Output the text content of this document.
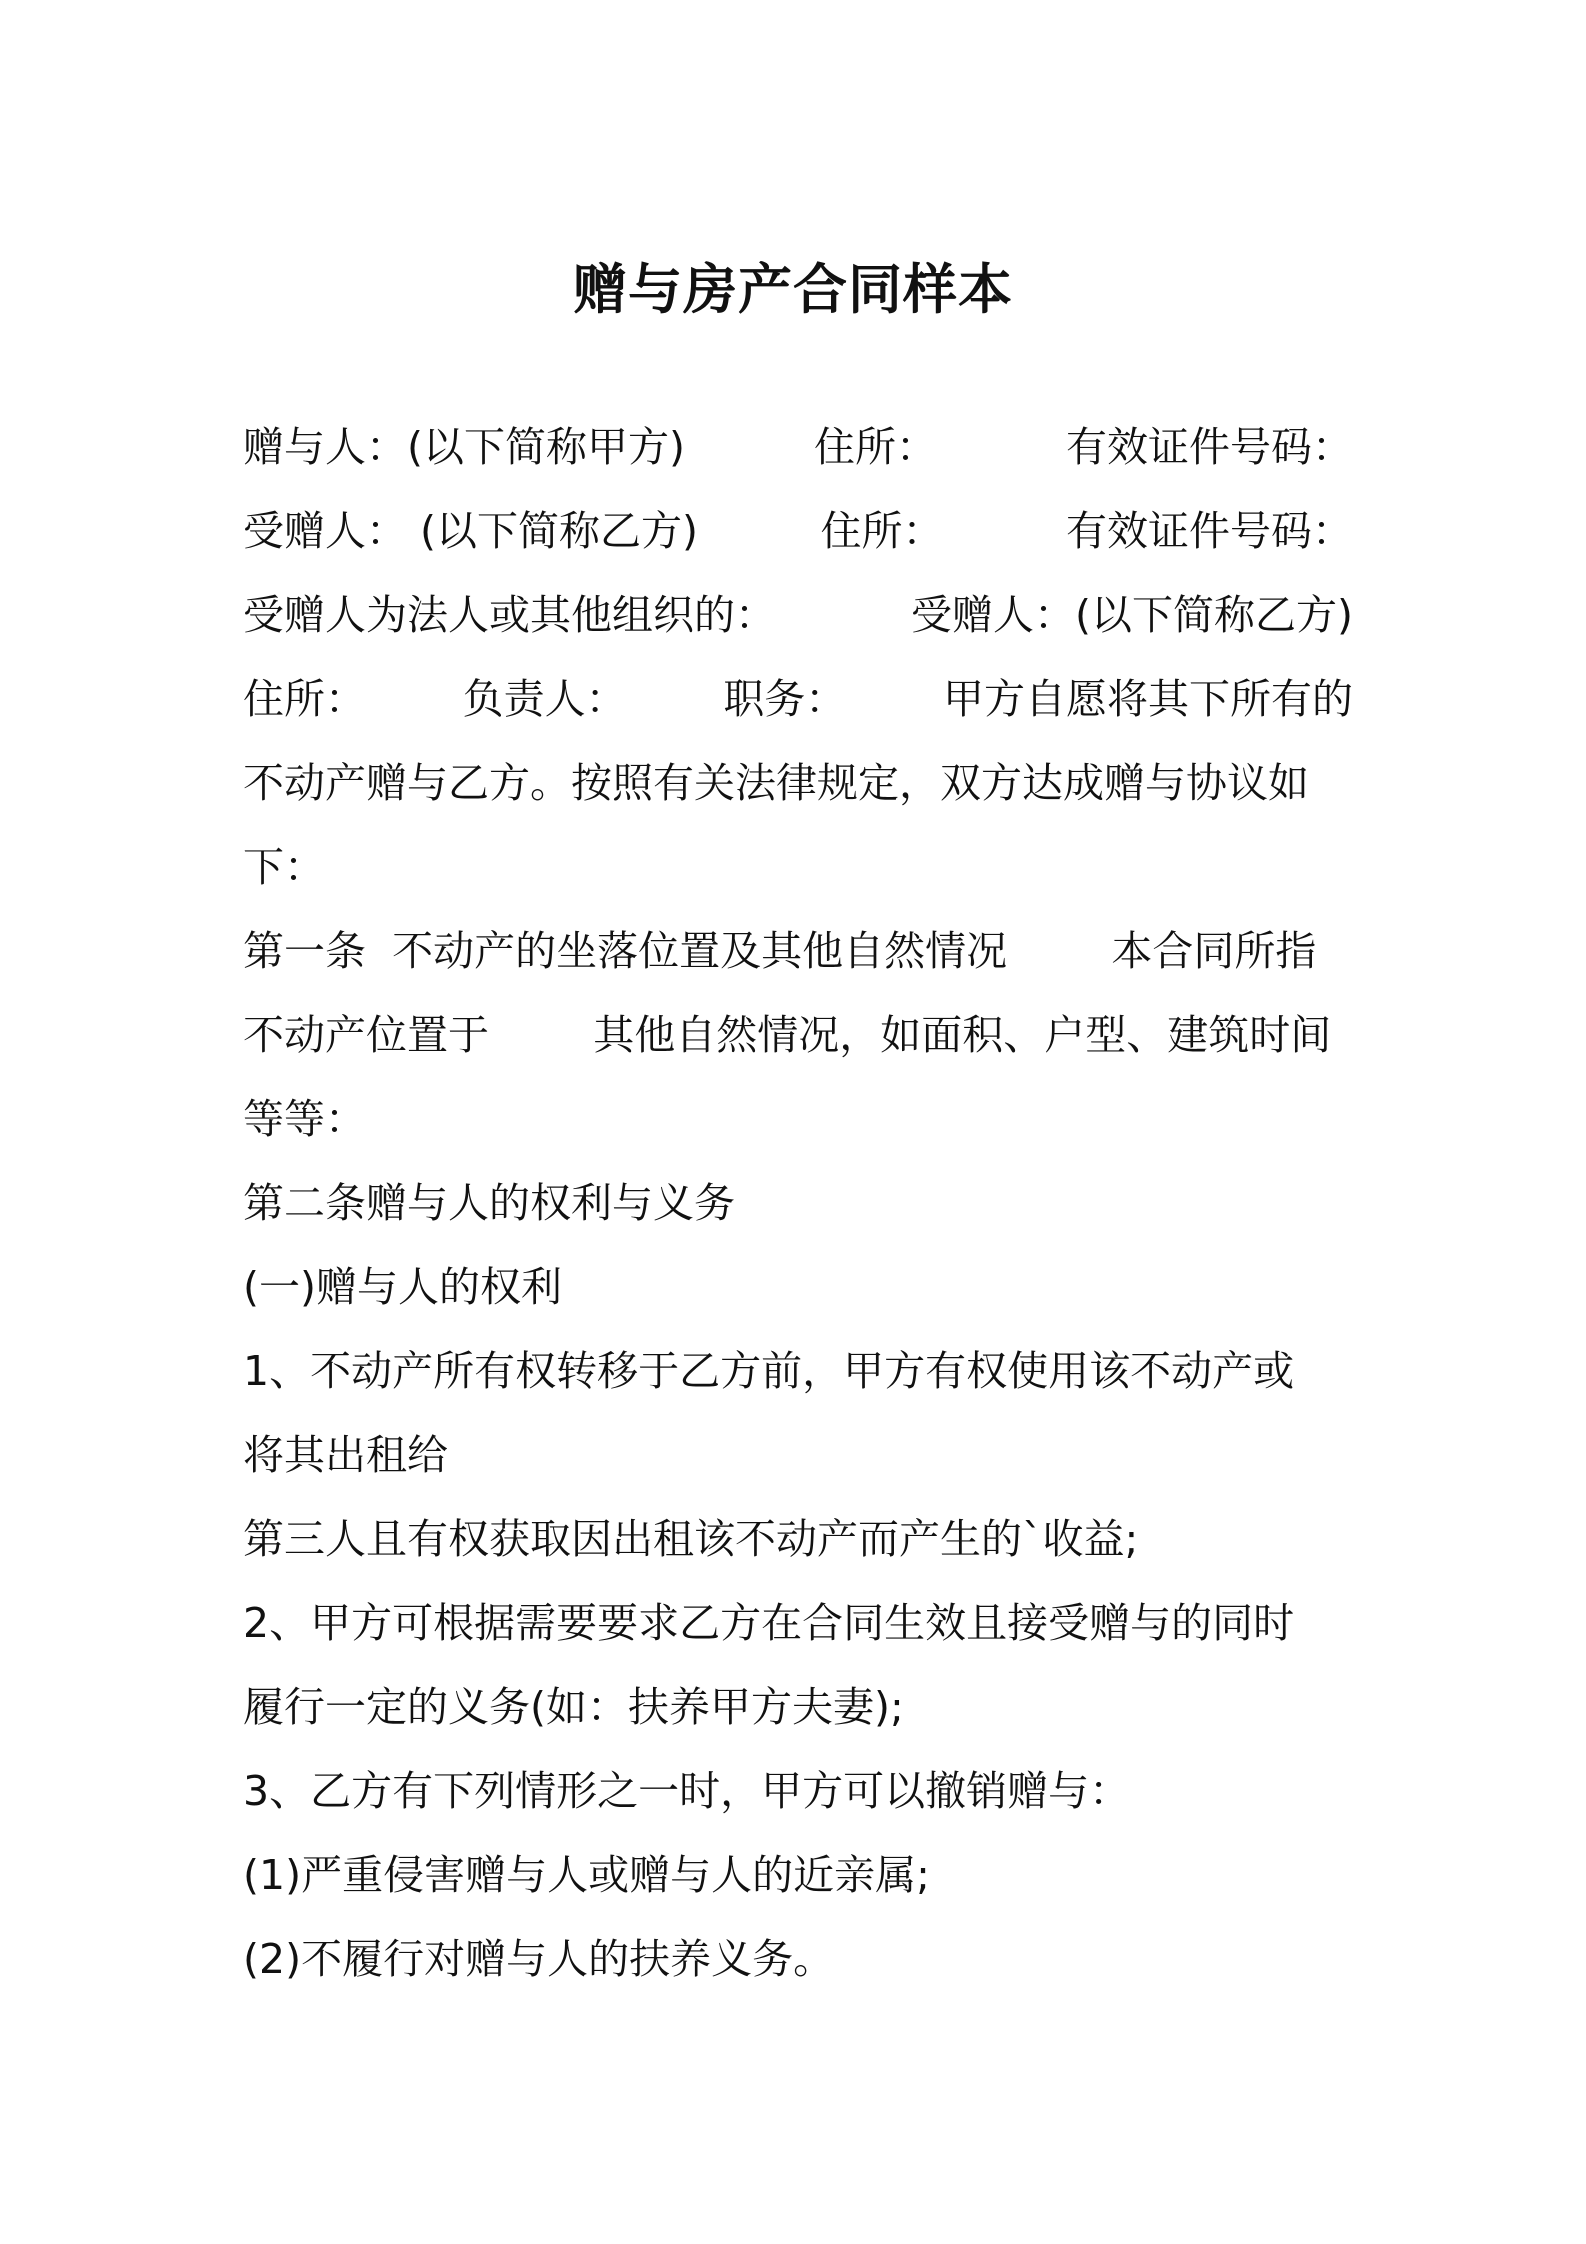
赠与房产合同样本
赠与人：(以下简称甲方)	住所：	有效证件号码：
受赠人： (以下简称乙方)	住所：	有效证件号码：
受赠人为法人或其他组织的：	受赠人：(以下简称乙方)
住所： 负责人： 职务： 甲方自愿将其下所有的
不动产赠与乙方。按照有关法律规定，双方达成赠与协议如
下：
第一条  不动产的坐落位置及其他自然情况        本合同所指
不动产位置于        其他自然情况，如面积、户型、建筑时间
等等：
第二条赠与人的权利与义务
(一)赠与人的权利
1、不动产所有权转移于乙方前，甲方有权使用该不动产或
将其出租给
第三人且有权获取因出租该不动产而产生的`收益;
2、甲方可根据需要要求乙方在合同生效且接受赠与的同时
履行一定的义务(如：扶养甲方夫妻);
3、乙方有下列情形之一时，甲方可以撤销赠与：
(1)严重侵害赠与人或赠与人的近亲属;
(2)不履行对赠与人的扶养义务。
